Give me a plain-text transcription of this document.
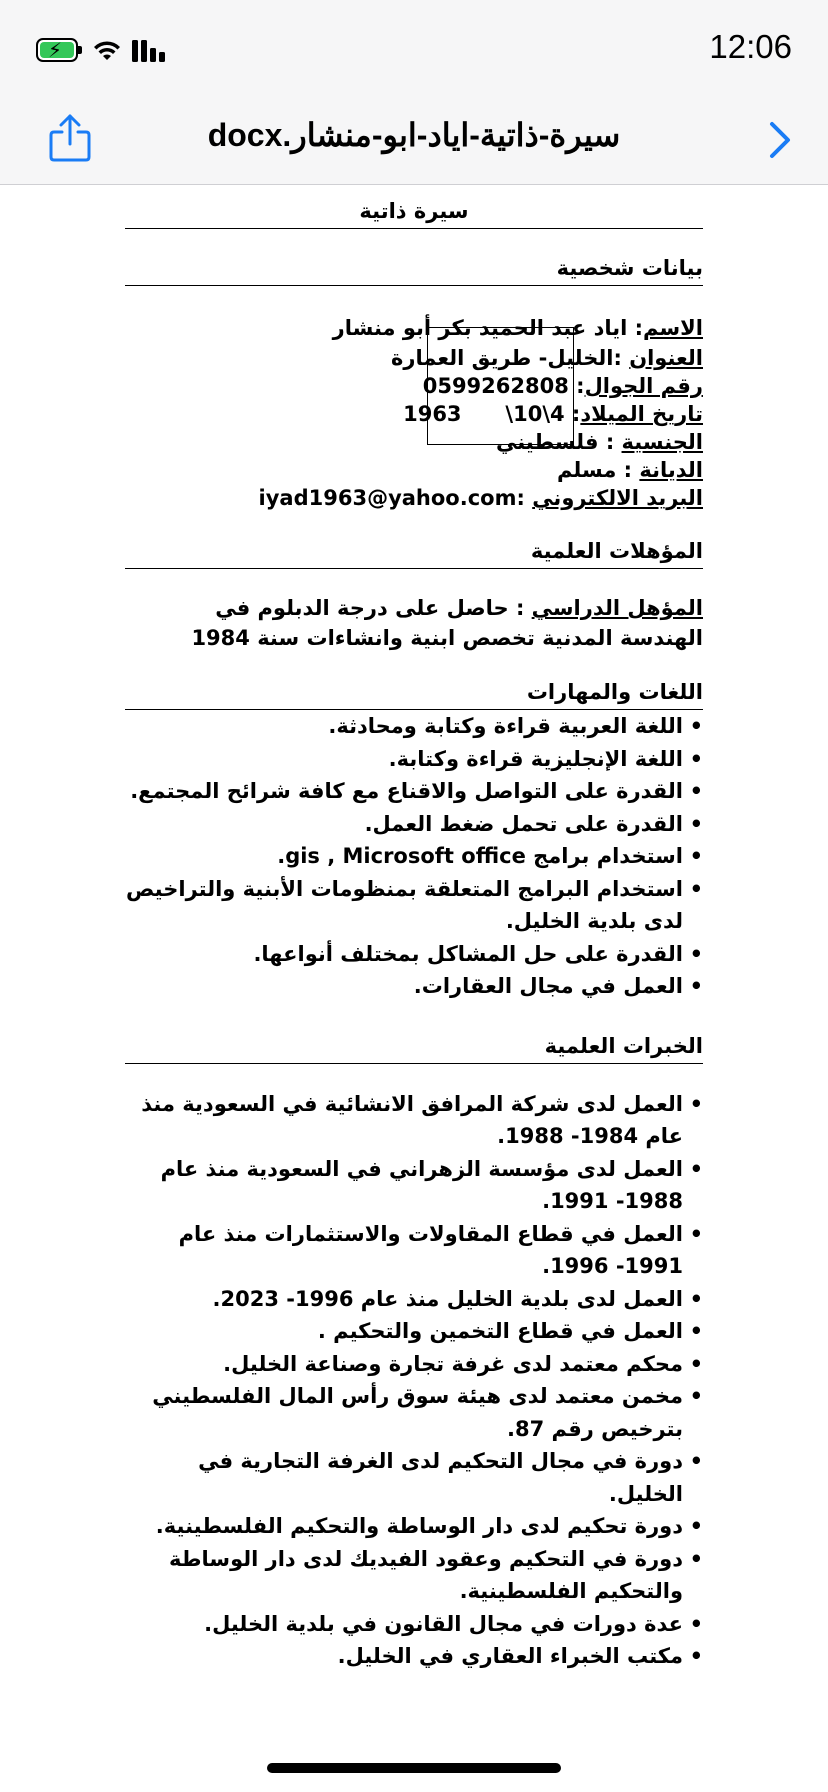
⚡	12:06
سيرة-ذاتية-اياد-ابو-منشار.docx
سيرة ذاتية
بيانات شخصية
الاسم: اياد عبد الحميد بكر أبو منشار
العنوان :الخليل- طريق العمارة
رقم الجوال: 0599262808
تاريخ الميلاد: 4\10\      1963
الجنسية : فلسطيني
الديانة : مسلم
البريد الالكتروني :iyad1963@yahoo.com
المؤهلات العلمية
المؤهل الدراسي : حاصل على درجة الدبلوم في الهندسة المدنية تخصص ابنية وانشاءات سنة 1984
اللغات والمهارات
•
اللغة العربية قراءة وكتابة ومحادثة.
•
اللغة الإنجليزية قراءة وكتابة.
•
القدرة على التواصل والاقناع مع كافة شرائح المجتمع.
•
القدرة على تحمل ضغط العمل.
•
استخدام برامج gis , Microsoft office.
•
استخدام البرامج المتعلقة بمنظومات الأبنية والتراخيص لدى بلدية الخليل.
•
القدرة على حل المشاكل بمختلف أنواعها.
•
العمل في مجال العقارات.
الخبرات العلمية
•
العمل لدى شركة المرافق الانشائية في السعودية منذ عام 1984- 1988.
•
العمل لدى مؤسسة الزهراني في السعودية منذ عام 1988- 1991.
•
العمل في قطاع المقاولات والاستثمارات منذ عام 1991- 1996.
•
العمل لدى بلدية الخليل منذ عام 1996- 2023.
•
العمل في قطاع التخمين والتحكيم .
•
محكم معتمد لدى غرفة تجارة وصناعة الخليل.
•
مخمن معتمد لدى هيئة سوق رأس المال الفلسطيني بترخيص رقم 87.
•
دورة في مجال التحكيم لدى الغرفة التجارية في الخليل.
•
دورة تحكيم لدى دار الوساطة والتحكيم الفلسطينية.
•
دورة في التحكيم وعقود الفيديك لدى دار الوساطة والتحكيم الفلسطينية.
•
عدة دورات في مجال القانون في بلدية الخليل.
•
مكتب الخبراء العقاري في الخليل.
